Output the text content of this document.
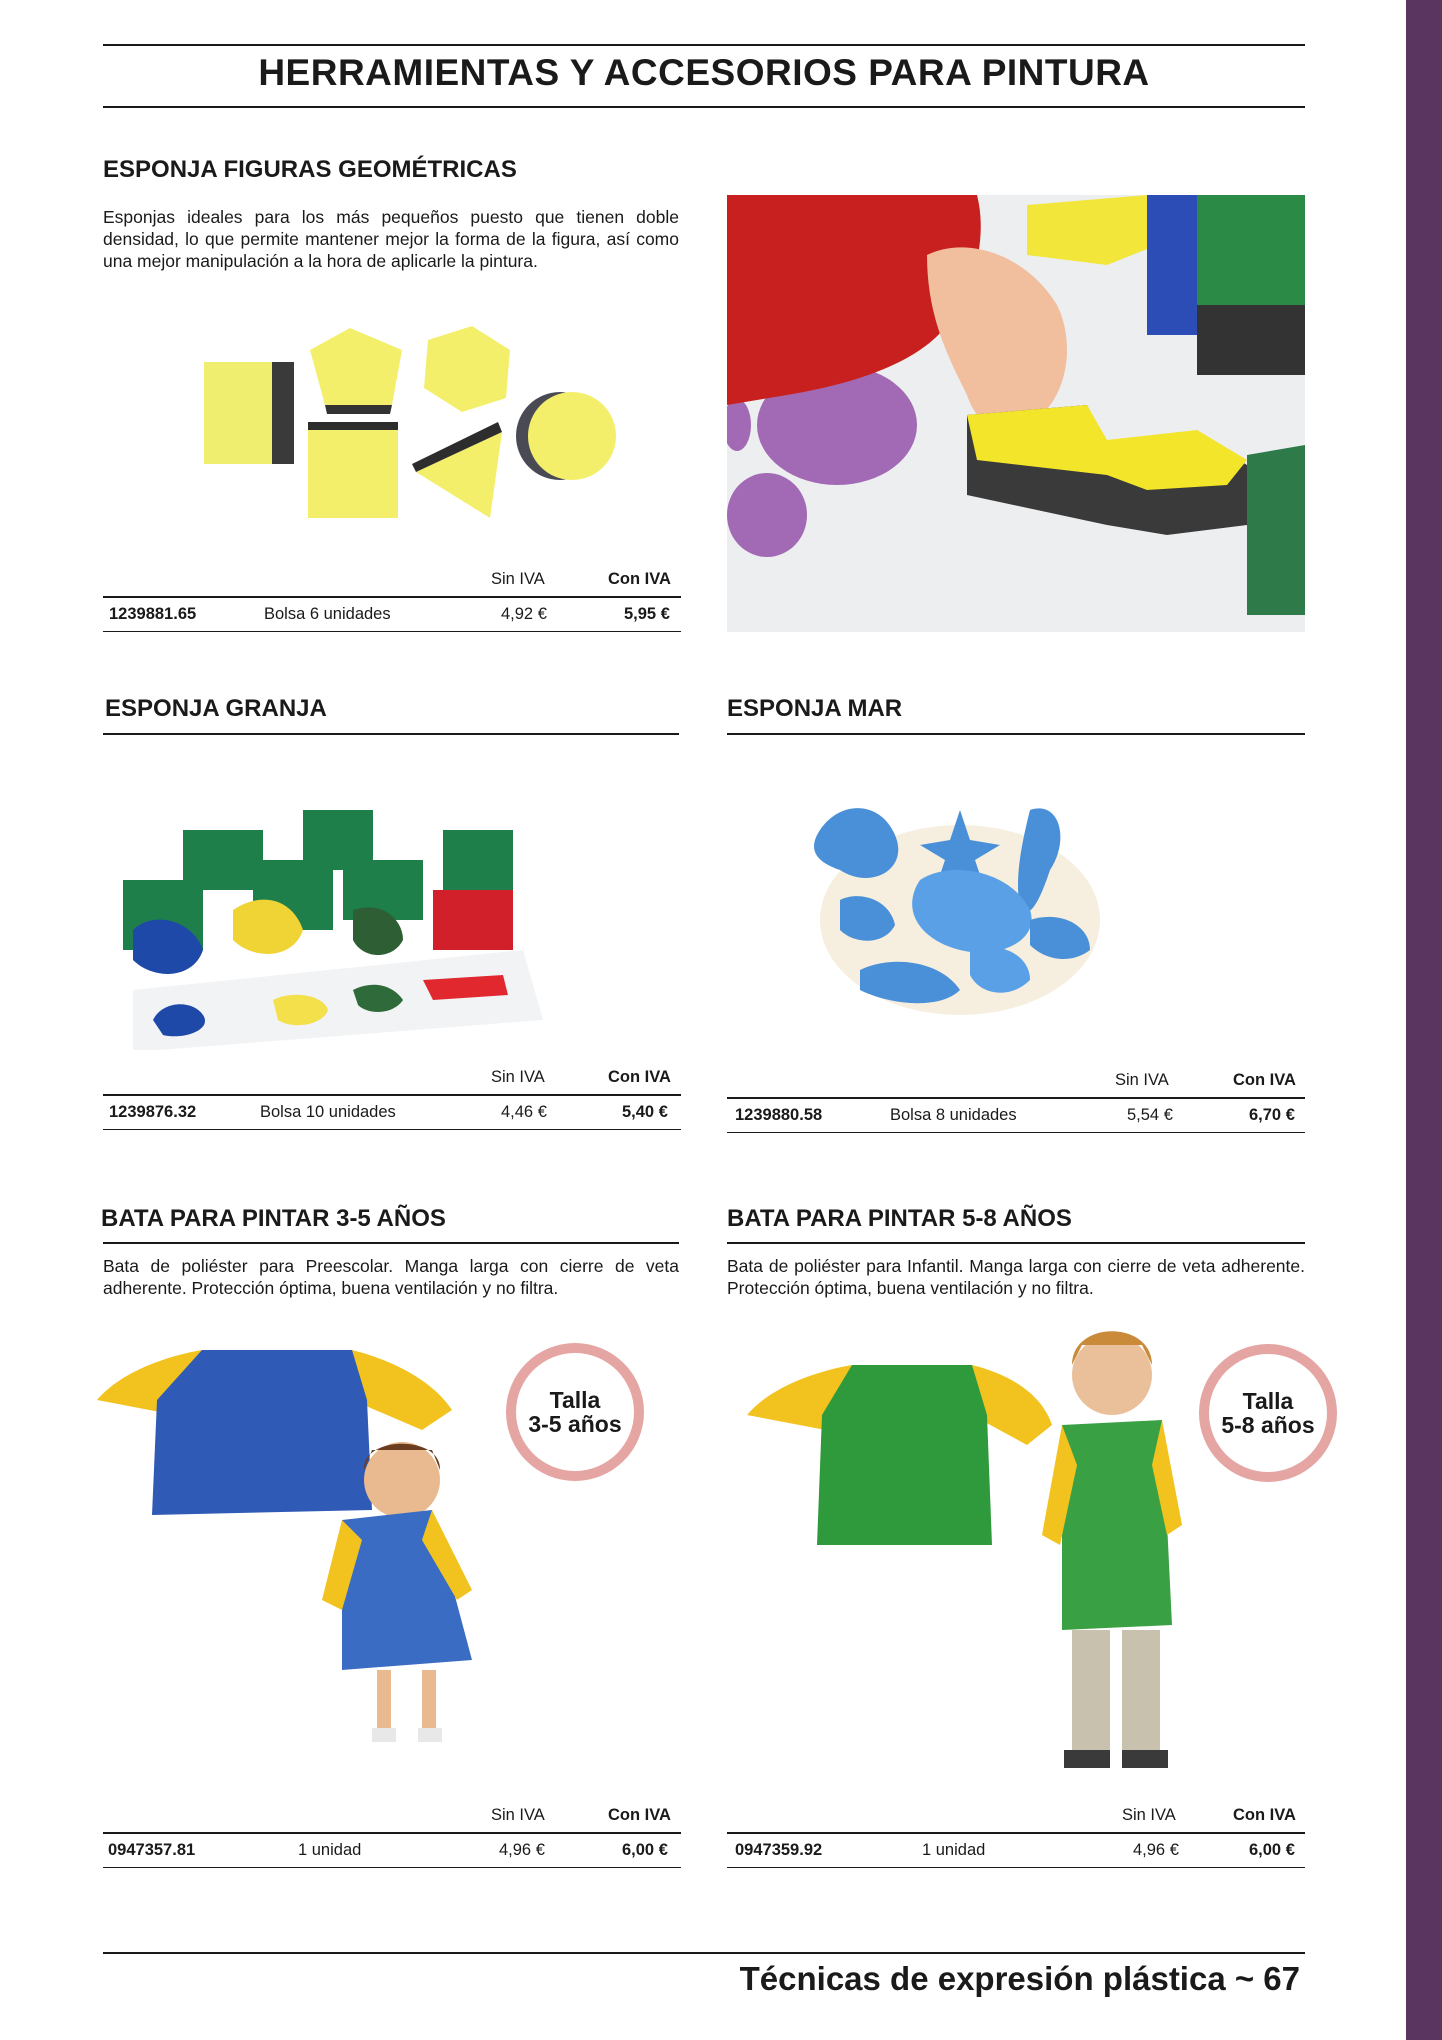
HERRAMIENTAS Y ACCESORIOS PARA PINTURA
ESPONJA FIGURAS GEOMÉTRICAS

Esponjas ideales para los más pequeños puesto que tienen doble densidad, lo que permite mantener mejor la forma de la figura, así como una mejor manipulación a la hora de aplicarle la pintura.

Sin IVA	Con IVA
1239881.65	Bolsa 6 unidades	4,92 €	5,95 €
ESPONJA GRANJA
Sin IVA	Con IVA
1239876.32	Bolsa 10 unidades	4,46 €	5,40 €
ESPONJA MAR
Sin IVA	Con IVA
1239880.58	Bolsa 8 unidades	5,54 €	6,70 €
BATA PARA PINTAR 3-5 AÑOS

Bata de poliéster para Preescolar. Manga larga con cierre de veta adherente. Protección óptima, buena ventilación y no filtra.

Talla
3-5 años
Sin IVA	Con IVA
0947357.81	1 unidad	4,96 €	6,00 €
BATA PARA PINTAR 5-8 AÑOS

Bata de poliéster para Infantil. Manga larga con cierre de veta adherente. Protección óptima, buena ventilación y no filtra.

Talla
5-8 años
Sin IVA	Con IVA
0947359.92	1 unidad	4,96 €	6,00 €
Técnicas de expresión plástica ~ 67
